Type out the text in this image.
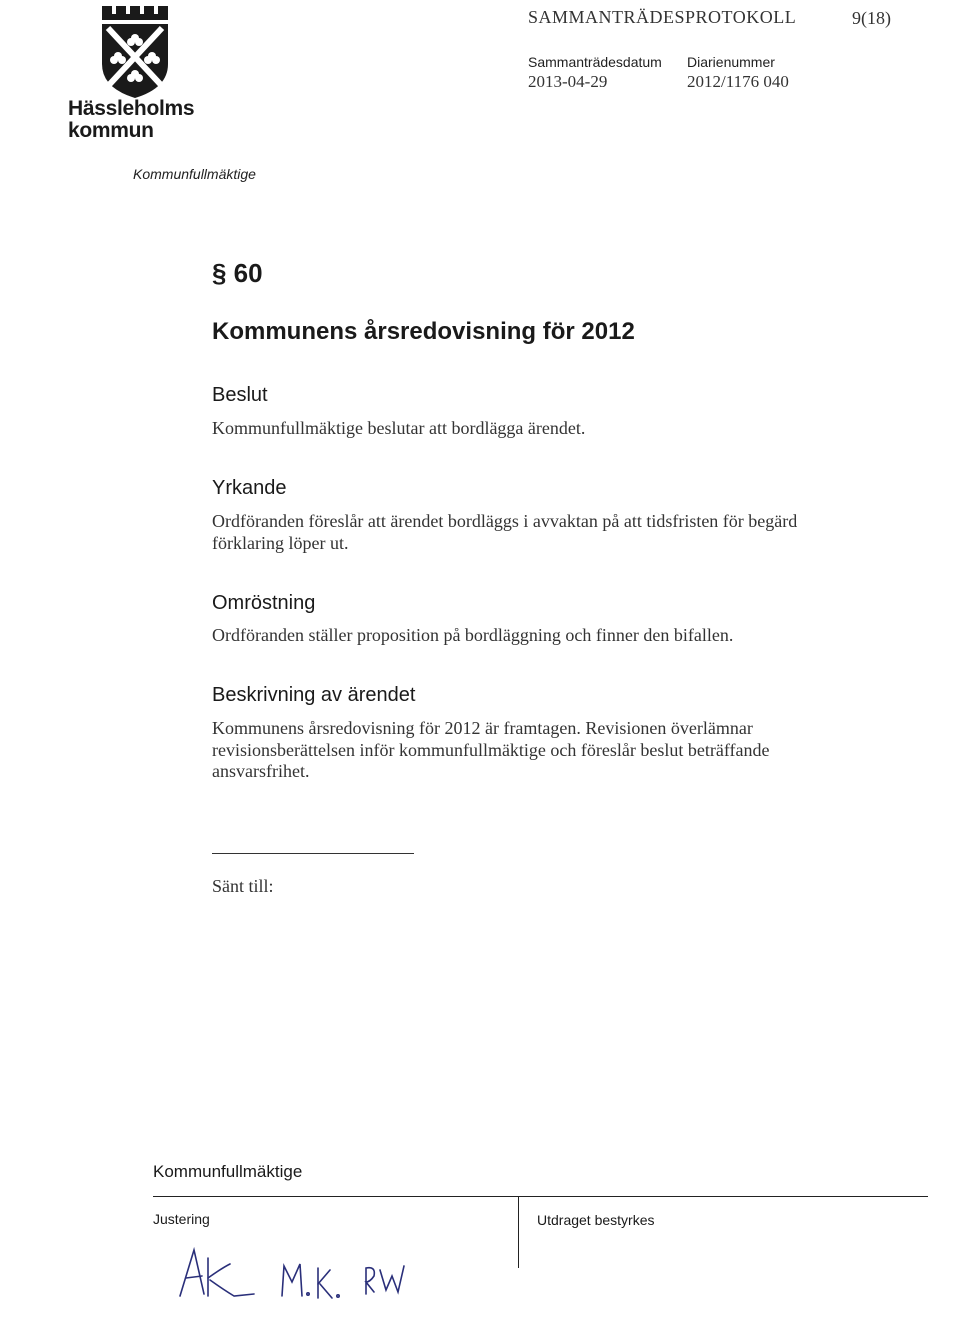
Hässleholms
kommun
SAMMANTRÄDESPROTOKOLL	9(18)
Sammanträdesdatum
2013-04-29
Diarienummer
2012/1176 040
Kommunfullmäktige
§ 60
Kommunens årsredovisning för 2012
Beslut
Kommunfullmäktige beslutar att bordlägga ärendet.
Yrkande
Ordföranden föreslår att ärendet bordläggs i avvaktan på att tidsfristen för begärd förklaring löper ut.
Omröstning
Ordföranden ställer proposition på bordläggning och finner den bifallen.
Beskrivning av ärendet
Kommunens årsredovisning för 2012 är framtagen. Revisionen överlämnar revisionsberättelsen inför kommunfullmäktige och föreslår beslut beträffande ansvarsfrihet.
Sänt till:
Kommunfullmäktige
Justering	Utdraget bestyrkes
